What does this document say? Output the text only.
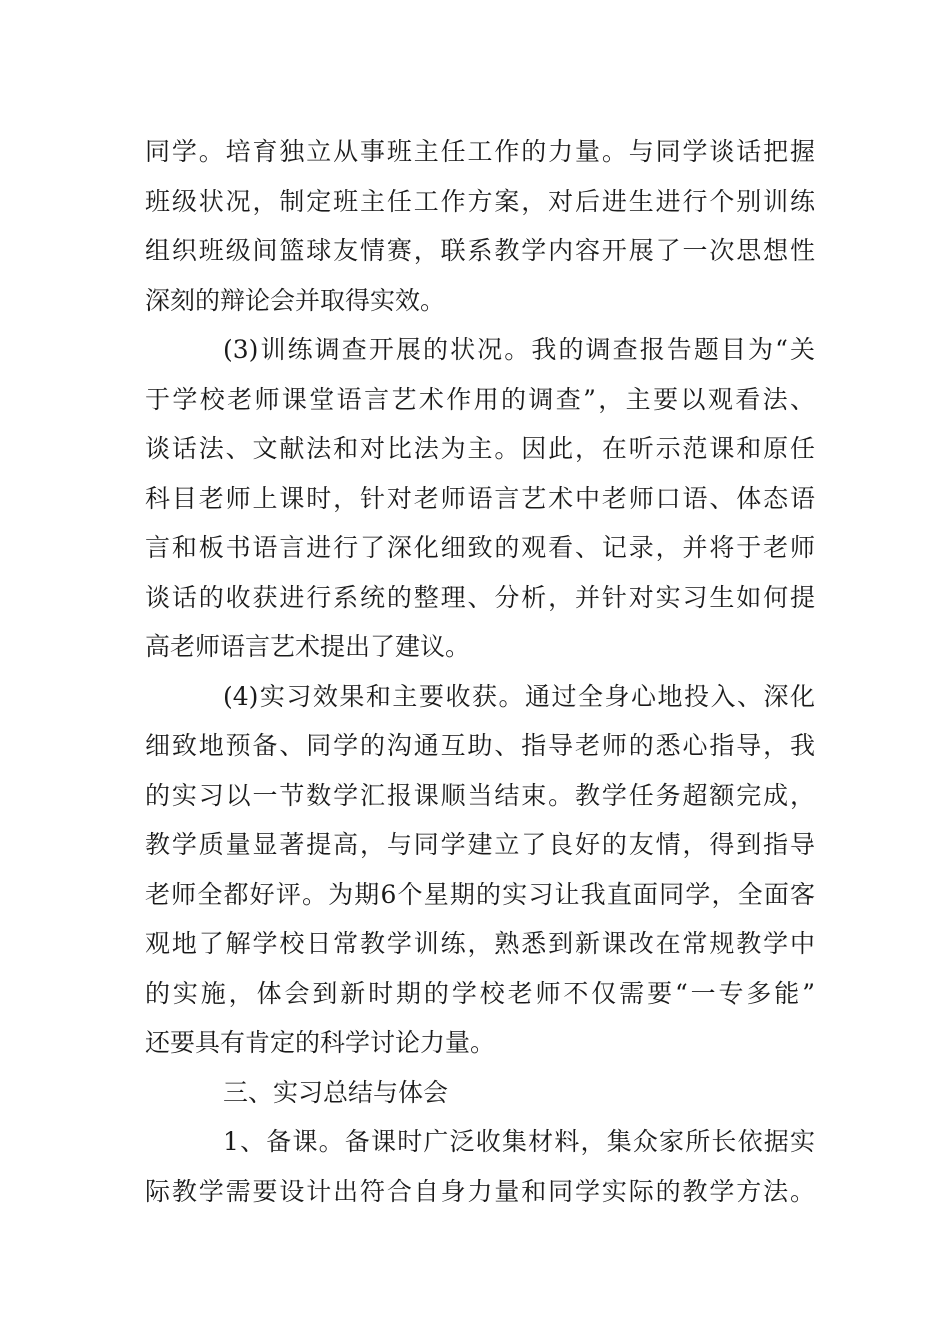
同学。培育独立从事班主任工作的力量。与同学谈话把握
班级状况，制定班主任工作方案，对后进生进行个别训练
组织班级间篮球友情赛，联系教学内容开展了一次思想性
深刻的辩论会并取得实效。
(3)训练调查开展的状况。我的调查报告题目为“关
于学校老师课堂语言艺术作用的调查”，主要以观看法、
谈话法、文献法和对比法为主。因此，在听示范课和原任
科目老师上课时，针对老师语言艺术中老师口语、体态语
言和板书语言进行了深化细致的观看、记录，并将于老师
谈话的收获进行系统的整理、分析，并针对实习生如何提
高老师语言艺术提出了建议。
(4)实习效果和主要收获。通过全身心地投入、深化
细致地预备、同学的沟通互助、指导老师的悉心指导，我
的实习以一节数学汇报课顺当结束。教学任务超额完成，
教学质量显著提高，与同学建立了良好的友情，得到指导
老师全都好评。为期6个星期的实习让我直面同学，全面客
观地了解学校日常教学训练，熟悉到新课改在常规教学中
的实施，体会到新时期的学校老师不仅需要“一专多能”
还要具有肯定的科学讨论力量。
三、实习总结与体会
1、备课。备课时广泛收集材料，集众家所长依据实
际教学需要设计出符合自身力量和同学实际的教学方法。
